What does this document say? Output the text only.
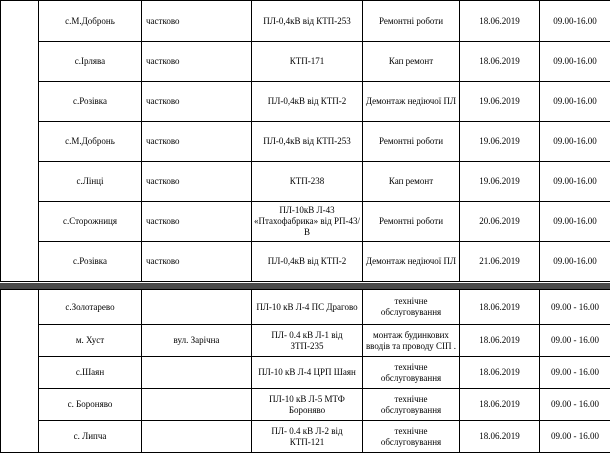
	с.М.Добронь	частково	ПЛ-0,4кВ від КТП-253	Ремонтні роботи	18.06.2019	09.00-16.00
	с.Ірлява	частково	КТП-171	Кап ремонт	18.06.2019	09.00-16.00
	с.Розівка	частково	ПЛ-0,4кВ від КТП-2	Демонтаж недіючої ПЛ	19.06.2019	09.00-16.00
	с.М.Добронь	частково	ПЛ-0,4кВ від КТП-253	Ремонтні роботи	19.06.2019	09.00-16.00
	с.Лінці	частково	КТП-238	Кап ремонт	19.06.2019	09.00-16.00
	с.Сторожниця	частково	ПЛ-10кВ Л-43 «Птахофабрика» від РП-43/В	Ремонтні роботи	20.06.2019	09.00-16.00
	с.Розівка	частково	ПЛ-0,4кВ від КТП-2	Демонтаж недіючої ПЛ	21.06.2019	09.00-16.00
	с.Золотарево		ПЛ-10 кВ Л-4 ПС Драгово	технічне обслуговування	18.06.2019	09.00 - 16.00
	м. Хуст	вул. Зарічна	ПЛ- 0.4 кВ Л-1 від ЗТП-235	монтаж будинкових вводів та проводу СІП .	18.06.2019	09.00 - 16.00
	с.Шаян		ПЛ-10 кВ Л-4 ЦРП Шаян	технічне обслуговування	18.06.2019	09.00 - 16.00
	с. Бороняво		ПЛ-10 кВ Л-5 МТФ Бороняво	технічне обслуговування	18.06.2019	09.00 - 16.00
	с. Липча		ПЛ- 0.4 кВ Л-2 від КТП-121	технічне обслуговування	18.06.2019	09.00 - 16.00
